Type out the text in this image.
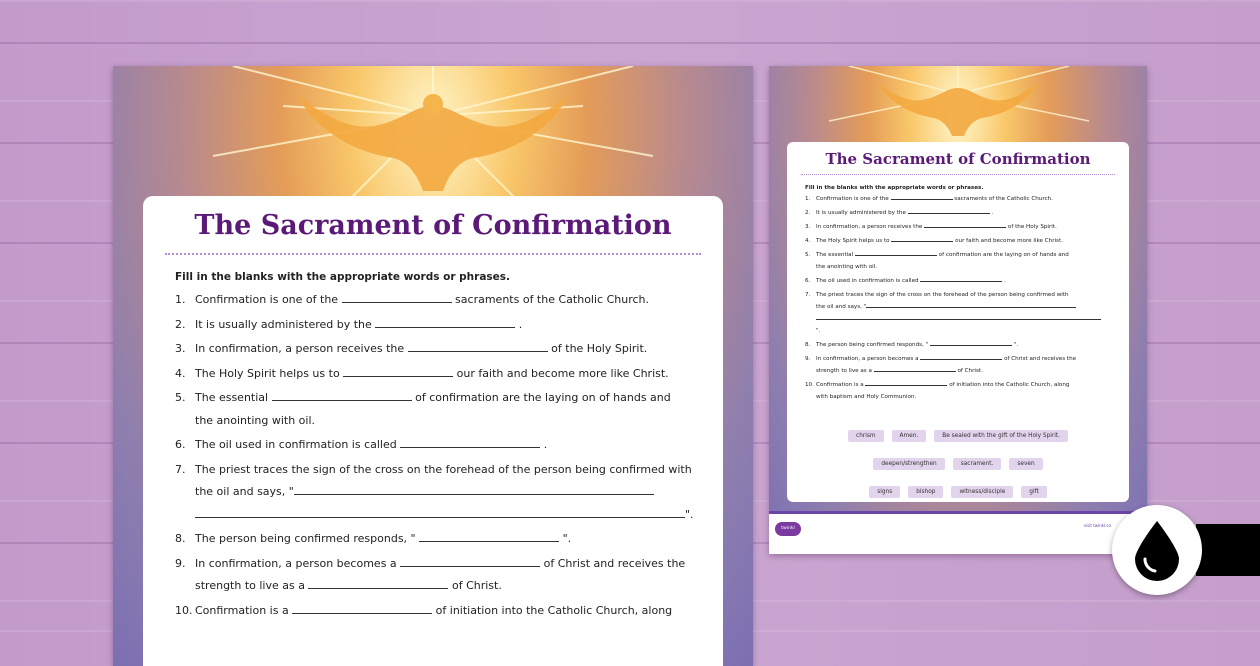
The Sacrament of Confirmation
Fill in the blanks with the appropriate words or phrases.
1. Confirmation is one of the	sacraments of the Catholic Church.
2. It is usually administered by the	.
3. In confirmation, a person receives the	of the Holy Spirit.
4. The Holy Spirit helps us to	our faith and become more like Christ.
5. The essential	of confirmation are the laying on of hands and
the anointing with oil.
6. The oil used in confirmation is called	.
7. The priest traces the sign of the cross on the forehead of the person being confirmed with
the oil and says, "
".
8. The person being confirmed responds, "	".
9. In confirmation, a person becomes a	of Christ and receives the
strength to live as a	of Christ.
10. Confirmation is a	of initiation into the Catholic Church, along
The Sacrament of Confirmation
Fill in the blanks with the appropriate words or phrases.
1. Confirmation is one of the	sacraments of the Catholic Church.
2. It is usually administered by the	.
3. In confirmation, a person receives the	of the Holy Spirit.
4. The Holy Spirit helps us to	our faith and become more like Christ.
5. The essential	of confirmation are the laying on of hands and
the anointing with oil.
6. The oil used in confirmation is called	.
7. The priest traces the sign of the cross on the forehead of the person being confirmed with
the oil and says, "
".
8. The person being confirmed responds, "	".
9. In confirmation, a person becomes a	of Christ and receives the
strength to live as a	of Christ.
10. Confirmation is a	of initiation into the Catholic Church, along
with baptism and Holy Communion.
chrism	Amen.	Be sealed with the gift of the Holy Spirit.
deepen/strengthen	sacrament.	seven
signs	bishop	witness/disciple	gift
twinkl
visit twinkl.co
